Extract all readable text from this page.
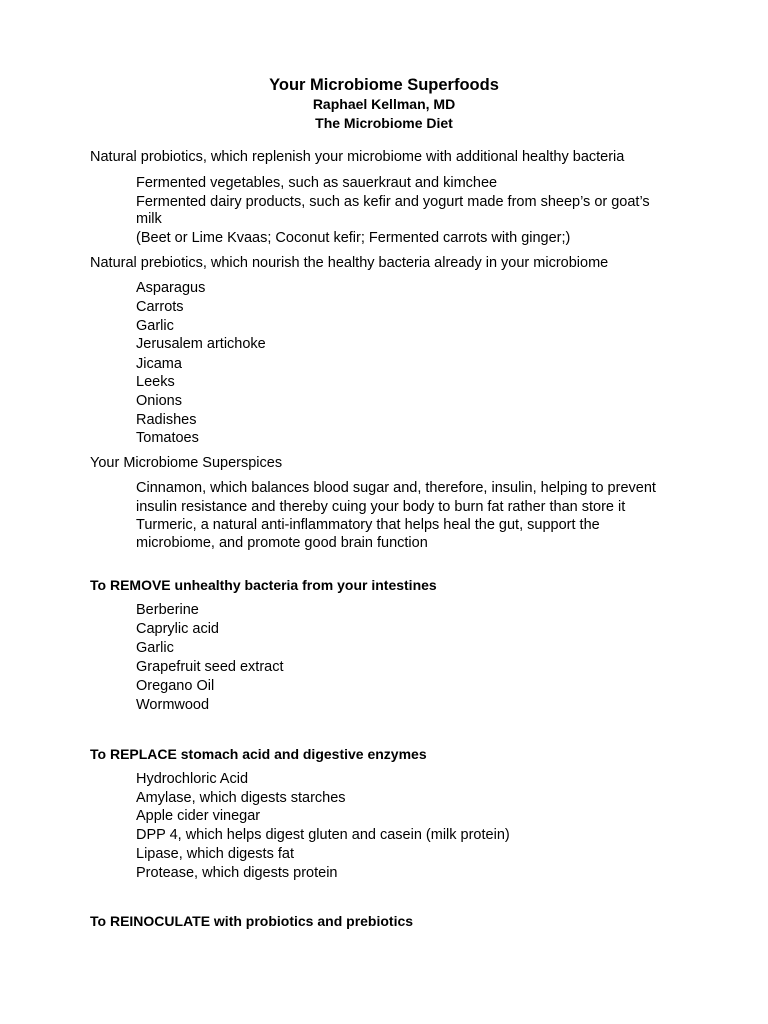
Your Microbiome Superfoods
Raphael Kellman, MD
The Microbiome Diet
Natural probiotics, which replenish your microbiome with additional healthy bacteria
Fermented vegetables, such as sauerkraut and kimchee
Fermented dairy products, such as kefir and yogurt made from sheep’s or goat’s
milk
(Beet or Lime Kvaas; Coconut kefir; Fermented carrots with ginger;)
Natural prebiotics, which nourish the healthy bacteria already in your microbiome
Asparagus
Carrots
Garlic
Jerusalem artichoke
Jicama
Leeks
Onions
Radishes
Tomatoes
Your Microbiome Superspices
Cinnamon, which balances blood sugar and, therefore, insulin, helping to prevent
insulin resistance and thereby cuing your body to burn fat rather than store it
Turmeric, a natural anti-inflammatory that helps heal the gut, support the
microbiome, and promote good brain function
To REMOVE unhealthy bacteria from your intestines
Berberine
Caprylic acid
Garlic
Grapefruit seed extract
Oregano Oil
Wormwood
To REPLACE stomach acid and digestive enzymes
Hydrochloric Acid
Amylase, which digests starches
Apple cider vinegar
DPP 4, which helps digest gluten and casein (milk protein)
Lipase, which digests fat
Protease, which digests protein
To REINOCULATE with probiotics and prebiotics
